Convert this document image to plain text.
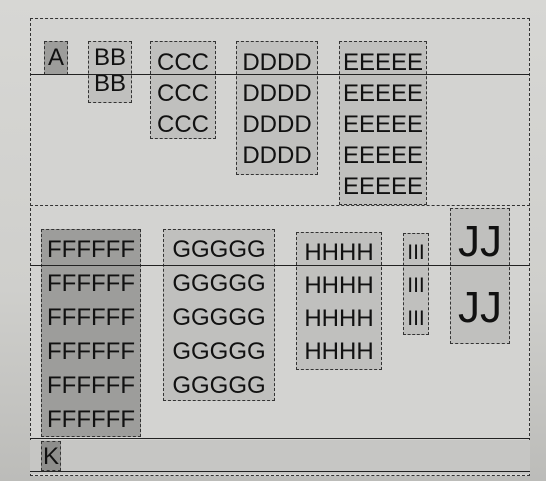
A BB
BB
CCC
CCC
CCC
DDDD
DDDD
DDDD
DDDD
EEEEE
EEEEE
EEEEE
EEEEE
EEEEE
FFFFFF
FFFFFF
FFFFFF
FFFFFF
FFFFFF
FFFFFF
GGGGG
GGGGG
GGGGG
GGGGG
GGGGG
HHHH
HHHH
HHHH
HHHH
III
III
III
JJ
JJ
K
